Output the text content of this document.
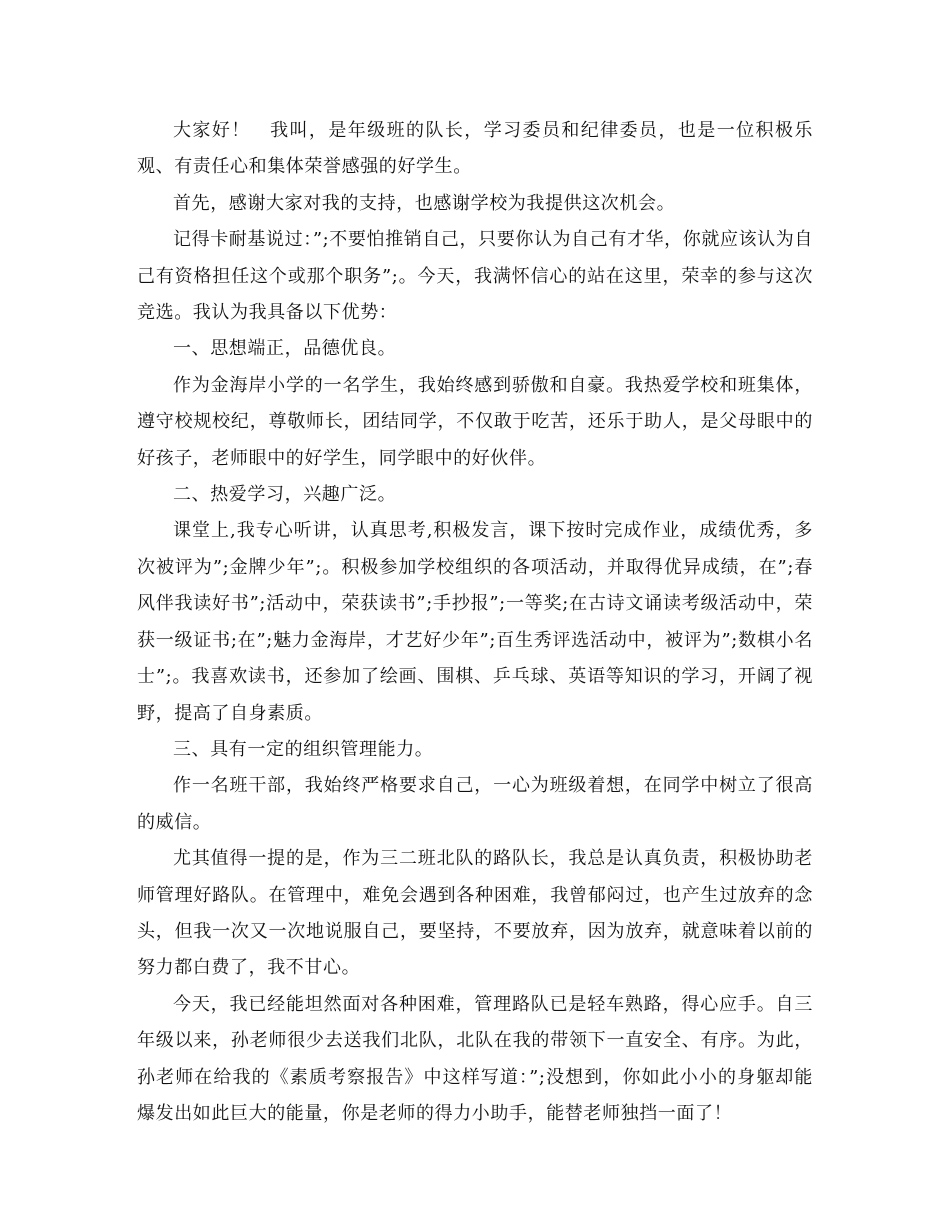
大家好！　我叫，是年级班的队长，学习委员和纪律委员，也是一位积极乐观、有责任心和集体荣誉感强的好学生。

首先，感谢大家对我的支持，也感谢学校为我提供这次机会。

记得卡耐基说过：”;不要怕推销自己，只要你认为自己有才华，你就应该认为自己有资格担任这个或那个职务”;。今天，我满怀信心的站在这里，荣幸的参与这次竞选。我认为我具备以下优势：

一、思想端正，品德优良。

作为金海岸小学的一名学生，我始终感到骄傲和自豪。我热爱学校和班集体，遵守校规校纪，尊敬师长，团结同学，不仅敢于吃苦，还乐于助人，是父母眼中的好孩子，老师眼中的好学生，同学眼中的好伙伴。

二、热爱学习，兴趣广泛。

课堂上,我专心听讲，认真思考,积极发言，课下按时完成作业，成绩优秀，多次被评为”;金牌少年”;。积极参加学校组织的各项活动，并取得优异成绩，在”;春风伴我读好书”;活动中，荣获读书”;手抄报”;一等奖;在古诗文诵读考级活动中，荣获一级证书;在”;魅力金海岸，才艺好少年”;百生秀评选活动中，被评为”;数棋小名士”;。我喜欢读书，还参加了绘画、围棋、乒乓球、英语等知识的学习，开阔了视野，提高了自身素质。

三、具有一定的组织管理能力。

作一名班干部，我始终严格要求自己，一心为班级着想，在同学中树立了很高的威信。

尤其值得一提的是，作为三二班北队的路队长，我总是认真负责，积极协助老师管理好路队。在管理中，难免会遇到各种困难，我曾郁闷过，也产生过放弃的念头，但我一次又一次地说服自己，要坚持，不要放弃，因为放弃，就意味着以前的努力都白费了，我不甘心。

今天，我已经能坦然面对各种困难，管理路队已是轻车熟路，得心应手。自三年级以来，孙老师很少去送我们北队，北队在我的带领下一直安全、有序。为此，孙老师在给我的《素质考察报告》中这样写道：”;没想到，你如此小小的身躯却能爆发出如此巨大的能量，你是老师的得力小助手，能替老师独挡一面了！
